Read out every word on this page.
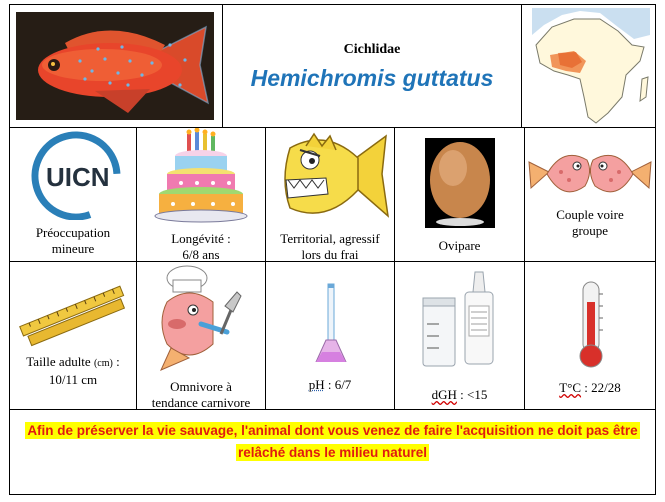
Cichlidae
Hemichromis guttatus
UICN
Préoccupation
mineure
Longévité :
6/8 ans
Territorial, agressif
lors du frai
Ovipare
Couple voire
groupe
Taille adulte (cm) :
10/11 cm	Omnivore à
tendance carnivore
pH : 6/7
dGH : <15	T°C : 22/28
Afin de préserver la vie sauvage, l'animal dont vous venez de faire l'acquisition ne doit pas être
relâché dans le milieu naturel
